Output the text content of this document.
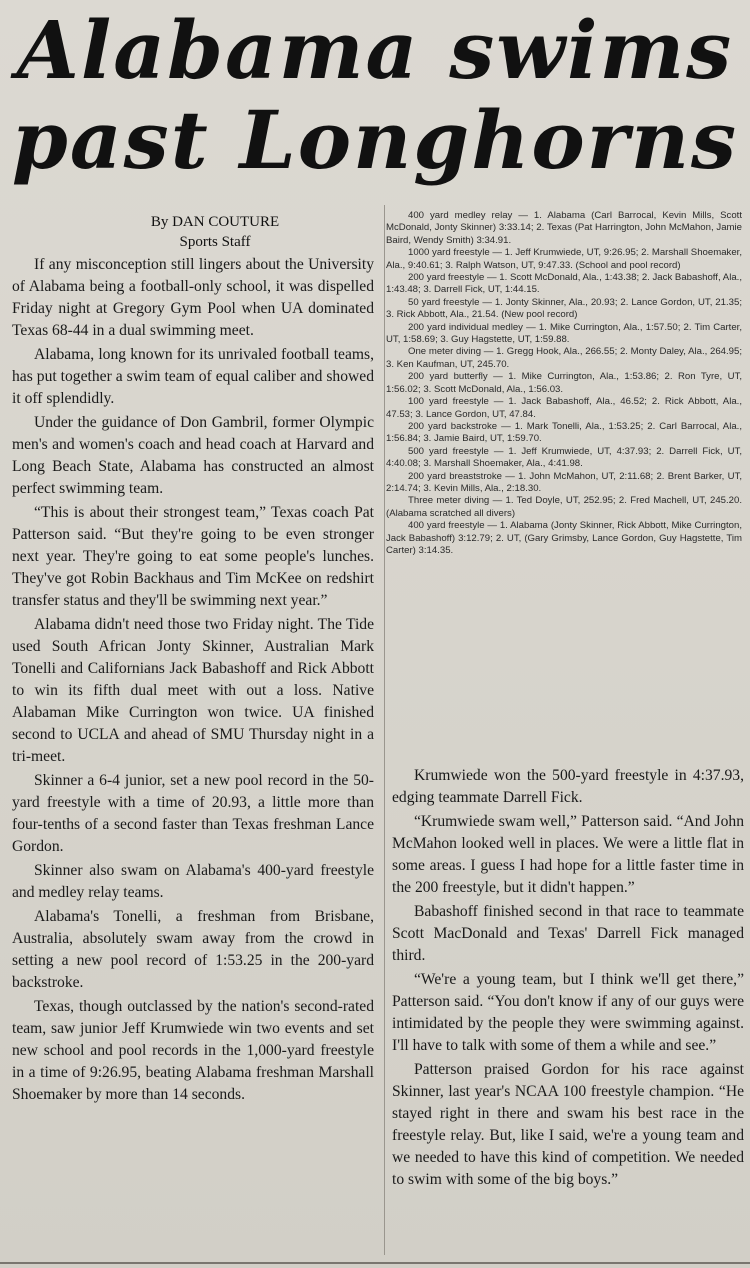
Alabama swims
past Longhorns
By DAN COUTURE
Sports Staff

If any misconception still lingers about the University of Alabama being a football-only school, it was dispelled Friday night at Gregory Gym Pool when UA dominated Texas 68-44 in a dual swimming meet.

Alabama, long known for its unrivaled football teams, has put together a swim team of equal caliber and showed it off splendidly.

Under the guidance of Don Gambril, former Olympic men's and women's coach and head coach at Harvard and Long Beach State, Alabama has constructed an almost perfect swimming team.

“This is about their strongest team,” Texas coach Pat Patterson said. “But they're going to be even stronger next year. They're going to eat some people's lunches. They've got Robin Backhaus and Tim McKee on redshirt transfer status and they'll be swimming next year.”

Alabama didn't need those two Friday night. The Tide used South African Jonty Skinner, Australian Mark Tonelli and Californians Jack Babashoff and Rick Abbott to win its fifth dual meet with out a loss. Native Alabaman Mike Currington won twice. UA finished second to UCLA and ahead of SMU Thursday night in a tri-meet.

Skinner a 6-4 junior, set a new pool record in the 50-yard freestyle with a time of 20.93, a little more than four-tenths of a second faster than Texas freshman Lance Gordon.

Skinner also swam on Alabama's 400-yard freestyle and medley relay teams.

Alabama's Tonelli, a freshman from Brisbane, Australia, absolutely swam away from the crowd in setting a new pool record of 1:53.25 in the 200-yard backstroke.

Texas, though outclassed by the nation's second-rated team, saw junior Jeff Krumwiede win two events and set new school and pool records in the 1,000-yard freestyle in a time of 9:26.95, beating Alabama freshman Marshall Shoemaker by more than 14 seconds.

400 yard medley relay — 1. Alabama (Carl Barrocal, Kevin Mills, Scott McDonald, Jonty Skinner) 3:33.14; 2. Texas (Pat Harrington, John McMahon, Jamie Baird, Wendy Smith) 3:34.91.

1000 yard freestyle — 1. Jeff Krumwiede, UT, 9:26.95; 2. Marshall Shoemaker, Ala., 9:40.61; 3. Ralph Watson, UT, 9:47.33. (School and pool record)

200 yard freestyle — 1. Scott McDonald, Ala., 1:43.38; 2. Jack Babashoff, Ala., 1:43.48; 3. Darrell Fick, UT, 1:44.15.

50 yard freestyle — 1. Jonty Skinner, Ala., 20.93; 2. Lance Gordon, UT, 21.35; 3. Rick Abbott, Ala., 21.54. (New pool record)

200 yard individual medley — 1. Mike Currington, Ala., 1:57.50; 2. Tim Carter, UT, 1:58.69; 3. Guy Hagstette, UT, 1:59.88.

One meter diving — 1. Gregg Hook, Ala., 266.55; 2. Monty Daley, Ala., 264.95; 3. Ken Kaufman, UT, 245.70.

200 yard butterfly — 1. Mike Currington, Ala., 1:53.86; 2. Ron Tyre, UT, 1:56.02; 3. Scott McDonald, Ala., 1:56.03.

100 yard freestyle — 1. Jack Babashoff, Ala., 46.52; 2. Rick Abbott, Ala., 47.53; 3. Lance Gordon, UT, 47.84.

200 yard backstroke — 1. Mark Tonelli, Ala., 1:53.25; 2. Carl Barrocal, Ala., 1:56.84; 3. Jamie Baird, UT, 1:59.70.

500 yard freestyle — 1. Jeff Krumwiede, UT, 4:37.93; 2. Darrell Fick, UT, 4:40.08; 3. Marshall Shoemaker, Ala., 4:41.98.

200 yard breaststroke — 1. John McMahon, UT, 2:11.68; 2. Brent Barker, UT, 2:14.74; 3. Kevin Mills, Ala., 2:18.30.

Three meter diving — 1. Ted Doyle, UT, 252.95; 2. Fred Machell, UT, 245.20. (Alabama scratched all divers)

400 yard freestyle — 1. Alabama (Jonty Skinner, Rick Abbott, Mike Currington, Jack Babashoff) 3:12.79; 2. UT, (Gary Grimsby, Lance Gordon, Guy Hagstette, Tim Carter) 3:14.35.

Krumwiede won the 500-yard freestyle in 4:37.93, edging teammate Darrell Fick.

“Krumwiede swam well,” Patterson said. “And John McMahon looked well in places. We were a little flat in some areas. I guess I had hope for a little faster time in the 200 freestyle, but it didn't happen.”

Babashoff finished second in that race to teammate Scott MacDonald and Texas' Darrell Fick managed third.

“We're a young team, but I think we'll get there,” Patterson said. “You don't know if any of our guys were intimidated by the people they were swimming against. I'll have to talk with some of them a while and see.”

Patterson praised Gordon for his race against Skinner, last year's NCAA 100 freestyle champion. “He stayed right in there and swam his best race in the freestyle relay. But, like I said, we're a young team and we needed to have this kind of competition. We needed to swim with some of the big boys.”
